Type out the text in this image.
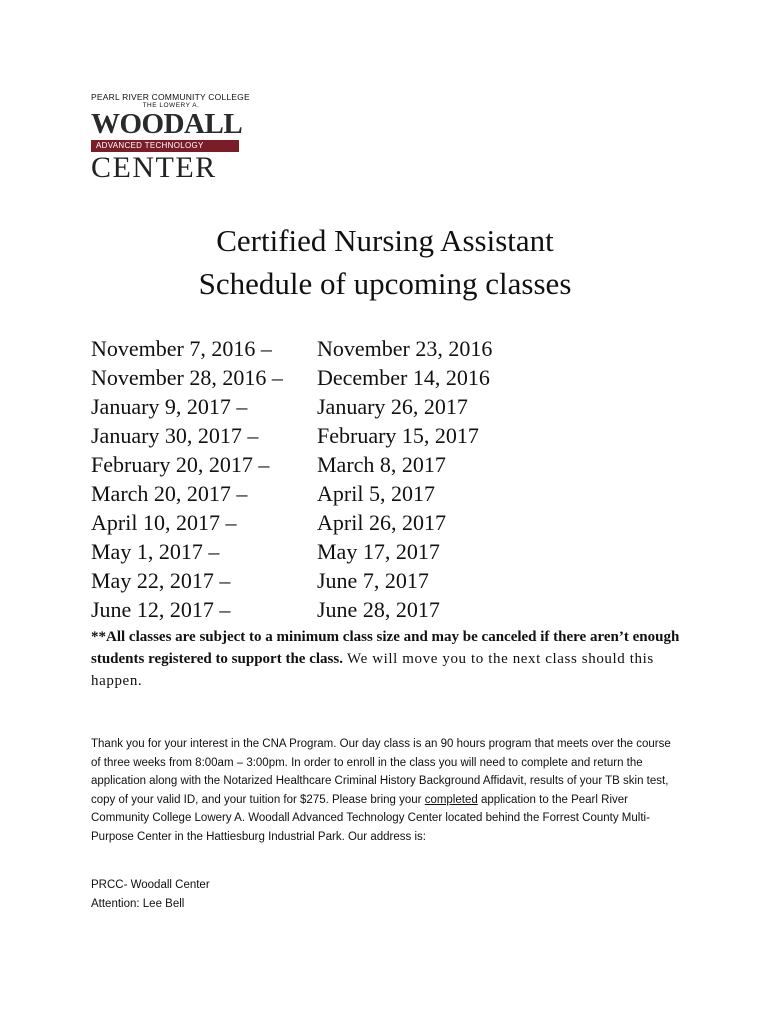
PEARL RIVER COMMUNITY COLLEGE
THE LOWERY A.
WOODALL
ADVANCED TECHNOLOGY
CENTER
Certified Nursing Assistant
Schedule of upcoming classes
November 7, 2016 – November 23, 2016
November 28, 2016 – December 14, 2016
January 9, 2017 –	January 26, 2017
January 30, 2017 –	February 15, 2017
February 20, 2017 – March 8, 2017
March 20, 2017 –	April 5, 2017
April 10, 2017 –	April 26, 2017
May 1, 2017 –	May 17, 2017
May 22, 2017 –	June 7, 2017
June 12, 2017 –	June 28, 2017
**All classes are subject to a minimum class size and may be canceled if there aren’t enough students registered to support the class. We will move you to the next class should this happen.
Thank you for your interest in the CNA Program. Our day class is an 90 hours program that meets over the course of three weeks from 8:00am – 3:00pm. In order to enroll in the class you will need to complete and return the application along with the Notarized Healthcare Criminal History Background Affidavit, results of your TB skin test, copy of your valid ID, and your tuition for $275. Please bring your completed application to the Pearl River Community College Lowery A. Woodall Advanced Technology Center located behind the Forrest County Multi-Purpose Center in the Hattiesburg Industrial Park. Our address is:
PRCC- Woodall Center
Attention: Lee Bell
